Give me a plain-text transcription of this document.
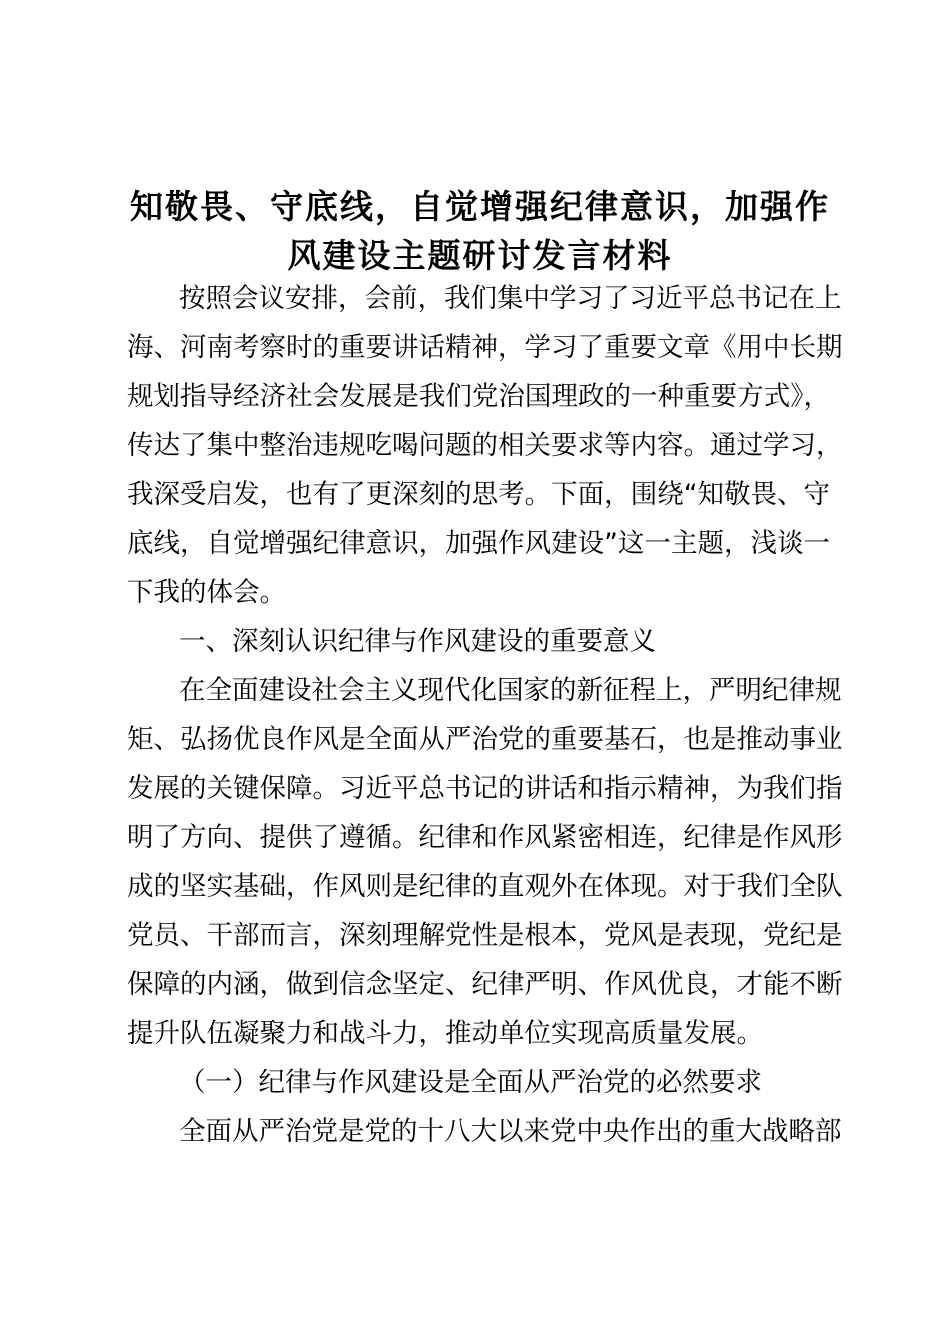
知敬畏、守底线，自觉增强纪律意识，加强作
风建设主题研讨发言材料
按照会议安排，会前，我们集中学习了习近平总书记在上
海、河南考察时的重要讲话精神，学习了重要文章《用中长期
规划指导经济社会发展是我们党治国理政的一种重要方式》，
传达了集中整治违规吃喝问题的相关要求等内容。通过学习，
我深受启发，也有了更深刻的思考。下面，围绕“知敬畏、守
底线，自觉增强纪律意识，加强作风建设”这一主题，浅谈一
下我的体会。
一、深刻认识纪律与作风建设的重要意义
在全面建设社会主义现代化国家的新征程上，严明纪律规
矩、弘扬优良作风是全面从严治党的重要基石，也是推动事业
发展的关键保障。习近平总书记的讲话和指示精神，为我们指
明了方向、提供了遵循。纪律和作风紧密相连，纪律是作风形
成的坚实基础，作风则是纪律的直观外在体现。对于我们全队
党员、干部而言，深刻理解党性是根本，党风是表现，党纪是
保障的内涵，做到信念坚定、纪律严明、作风优良，才能不断
提升队伍凝聚力和战斗力，推动单位实现高质量发展。
（一）纪律与作风建设是全面从严治党的必然要求
全面从严治党是党的十八大以来党中央作出的重大战略部
